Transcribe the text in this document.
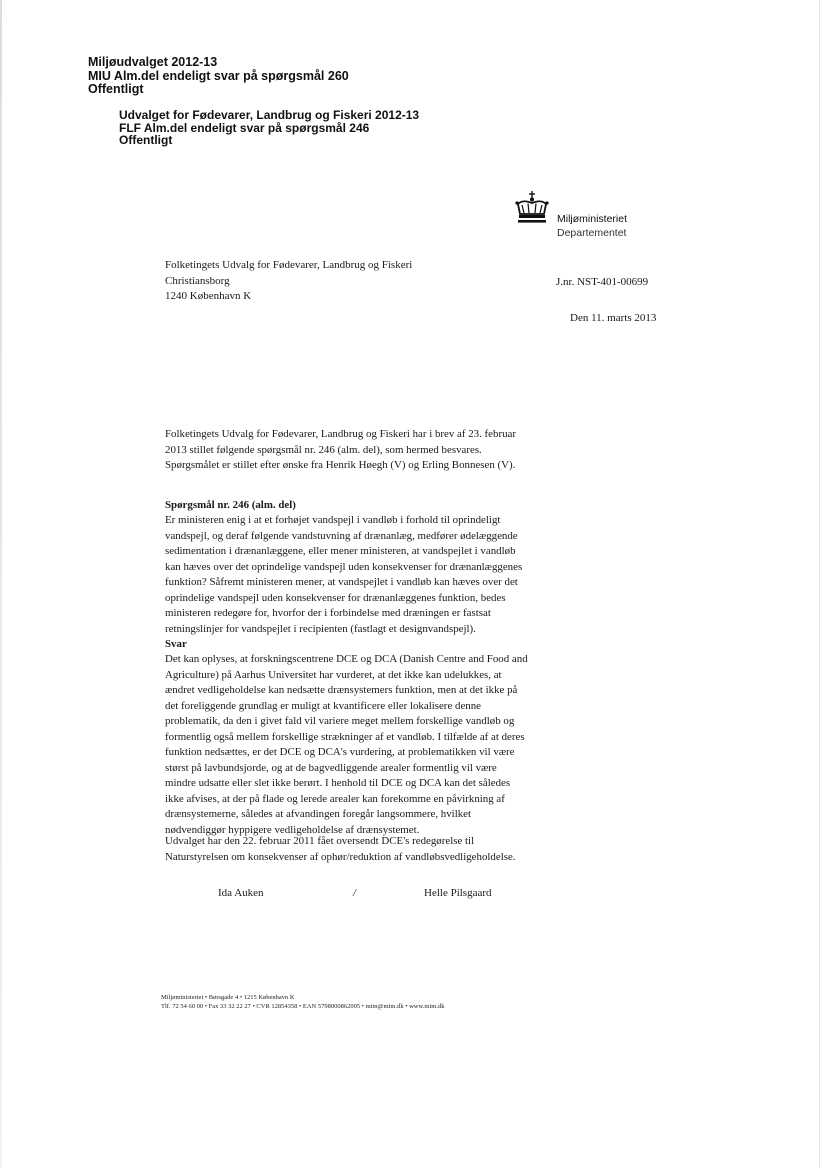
Miljøudvalget 2012-13
MIU Alm.del endeligt svar på spørgsmål 260
Offentligt
Udvalget for Fødevarer, Landbrug og Fiskeri 2012-13
FLF Alm.del endeligt svar på spørgsmål 246
Offentligt
Miljøministeriet
Departementet
Folketingets Udvalg for Fødevarer, Landbrug og Fiskeri
Christiansborg
1240 København K
J.nr. NST-401-00699
Den 11. marts 2013
Folketingets Udvalg for Fødevarer, Landbrug og Fiskeri har i brev af 23. februar
2013 stillet følgende spørgsmål nr. 246 (alm. del), som hermed besvares.
Spørgsmålet er stillet efter ønske fra Henrik Høegh (V) og Erling Bonnesen (V).
Spørgsmål nr. 246 (alm. del)
Er ministeren enig i at et forhøjet vandspejl i vandløb i forhold til oprindeligt
vandspejl, og deraf følgende vandstuvning af drænanlæg, medfører ødelæggende
sedimentation i drænanlæggene, eller mener ministeren, at vandspejlet i vandløb
kan hæves over det oprindelige vandspejl uden konsekvenser for drænanlæggenes
funktion? Såfremt ministeren mener, at vandspejlet i vandløb kan hæves over det
oprindelige vandspejl uden konsekvenser for drænanlæggenes funktion, bedes
ministeren redegøre for, hvorfor der i forbindelse med dræningen er fastsat
retningslinjer for vandspejlet i recipienten (fastlagt et designvandspejl).
Svar
Det kan oplyses, at forskningscentrene DCE og DCA (Danish Centre and Food and
Agriculture) på Aarhus Universitet har vurderet, at det ikke kan udelukkes, at
ændret vedligeholdelse kan nedsætte drænsystemers funktion, men at det ikke på
det foreliggende grundlag er muligt at kvantificere eller lokalisere denne
problematik, da den i givet fald vil variere meget mellem forskellige vandløb og
formentlig også mellem forskellige strækninger af et vandløb. I tilfælde af at deres
funktion nedsættes, er det DCE og DCA's vurdering, at problematikken vil være
størst på lavbundsjorde, og at de bagvedliggende arealer formentlig vil være
mindre udsatte eller slet ikke berørt. I henhold til DCE og DCA kan det således
ikke afvises, at der på flade og lerede arealer kan forekomme en påvirkning af
drænsystemerne, således at afvandingen foregår langsommere, hvilket
nødvendiggør hyppigere vedligeholdelse af drænsystemet.
Udvalget har den 22. februar 2011 fået oversendt DCE's redegørelse til
Naturstyrelsen om konsekvenser af ophør/reduktion af vandløbsvedligeholdelse.
Ida Auken	/	Helle Pilsgaard
Miljøministeriet • Børsgade 4 • 1215 København K
Tlf. 72 54 60 00 • Fax 33 32 22 27 • CVR 12854358 • EAN 5798000862005 • mim@mim.dk • www.mim.dk
